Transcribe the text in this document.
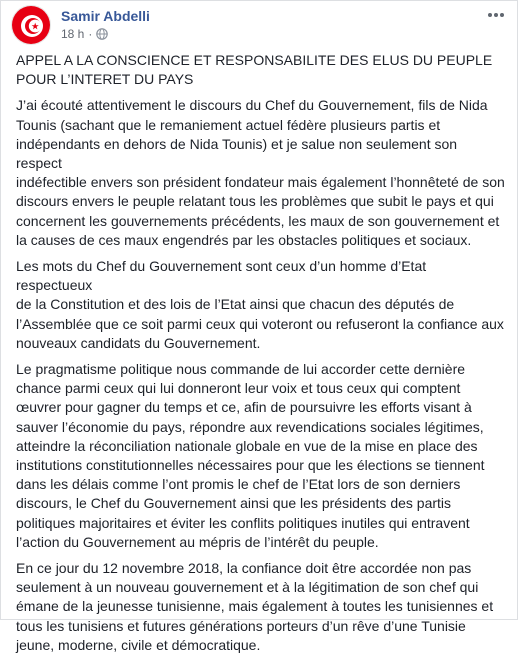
Samir Abdelli
18 h ·

APPEL A LA CONSCIENCE ET RESPONSABILITE DES ELUS DU PEUPLE
POUR L’INTERET DU PAYS

J’ai écouté attentivement le discours du Chef du Gouvernement, fils de Nida
Tounis (sachant que le remaniement actuel fédère plusieurs partis et
indépendants en dehors de Nida Tounis) et je salue non seulement son respect
indéfectible envers son président fondateur mais également l’honnêteté de son
discours envers le peuple relatant tous les problèmes que subit le pays et qui
concernent les gouvernements précédents, les maux de son gouvernement et
la causes de ces maux engendrés par les obstacles politiques et sociaux.

Les mots du Chef du Gouvernement sont ceux d’un homme d’Etat respectueux
de la Constitution et des lois de l’Etat ainsi que chacun des députés de
l’Assemblée que ce soit parmi ceux qui voteront ou refuseront la confiance aux
nouveaux candidats du Gouvernement.

Le pragmatisme politique nous commande de lui accorder cette dernière
chance parmi ceux qui lui donneront leur voix et tous ceux qui comptent
œuvrer pour gagner du temps et ce, afin de poursuivre les efforts visant à
sauver l’économie du pays, répondre aux revendications sociales légitimes,
atteindre la réconciliation nationale globale en vue de la mise en place des
institutions constitutionnelles nécessaires pour que les élections se tiennent
dans les délais comme l’ont promis le chef de l’Etat lors de son derniers
discours, le Chef du Gouvernement ainsi que les présidents des partis
politiques majoritaires et éviter les conflits politiques inutiles qui entravent
l’action du Gouvernement au mépris de l’intérêt du peuple.

En ce jour du 12 novembre 2018, la confiance doit être accordée non pas
seulement à un nouveau gouvernement et à la légitimation de son chef qui
émane de la jeunesse tunisienne, mais également à toutes les tunisiennes et
tous les tunisiens et futures générations porteurs d’un rêve d’une Tunisie
jeune, moderne, civile et démocratique.
